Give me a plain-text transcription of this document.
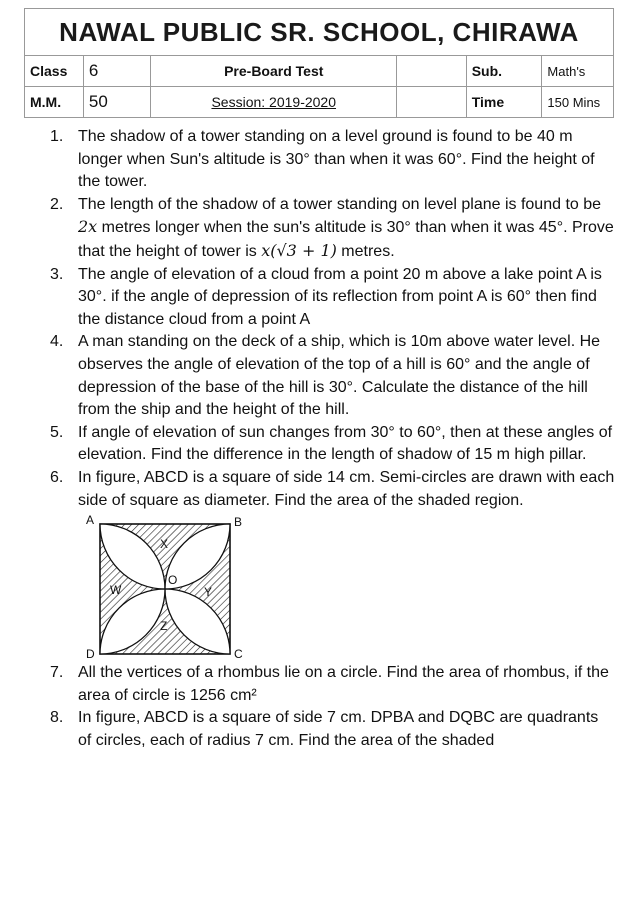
NAWAL PUBLIC SR. SCHOOL, CHIRAWA					
Class	6	Pre-Board Test		Sub.	Math's
M.M.	50	Session: 2019-2020		Time	150 Mins
1. The shadow of a tower standing on a level ground is found to be 40 m longer when Sun's altitude is 30° than when it was 60°. Find the height of the tower.
2. The length of the shadow of a tower standing on level plane is found to be 2x metres longer when the sun's altitude is 30° than when it was 45°. Prove that the height of tower is x(√3 + 1) metres.
3. The angle of elevation of a cloud from a point 20 m above a lake point A is 30°. if the angle of depression of its reflection from point A is 60° then find the distance cloud from a point A
4. A man standing on the deck of a ship, which is 10m above water level. He observes the angle of elevation of the top of a hill is 60° and the angle of depression of the base of the hill is 30°. Calculate the distance of the hill from the ship and the height of the hill.
5. If angle of elevation of sun changes from 30° to 60°, then at these angles of elevation. Find the difference in the length of shadow of 15 m high pillar.
6. In figure, ABCD is a square of side 14 cm. Semi-circles are drawn with each side of square as diameter. Find the area of the shaded region.
A	B
C
D
O
X
Y
Z
W
7. All the vertices of a rhombus lie on a circle. Find the area of rhombus, if the area of circle is 1256 cm²
8. In figure, ABCD is a square of side 7 cm. DPBA and DQBC are quadrants of circles, each of radius 7 cm. Find the area of the shaded
